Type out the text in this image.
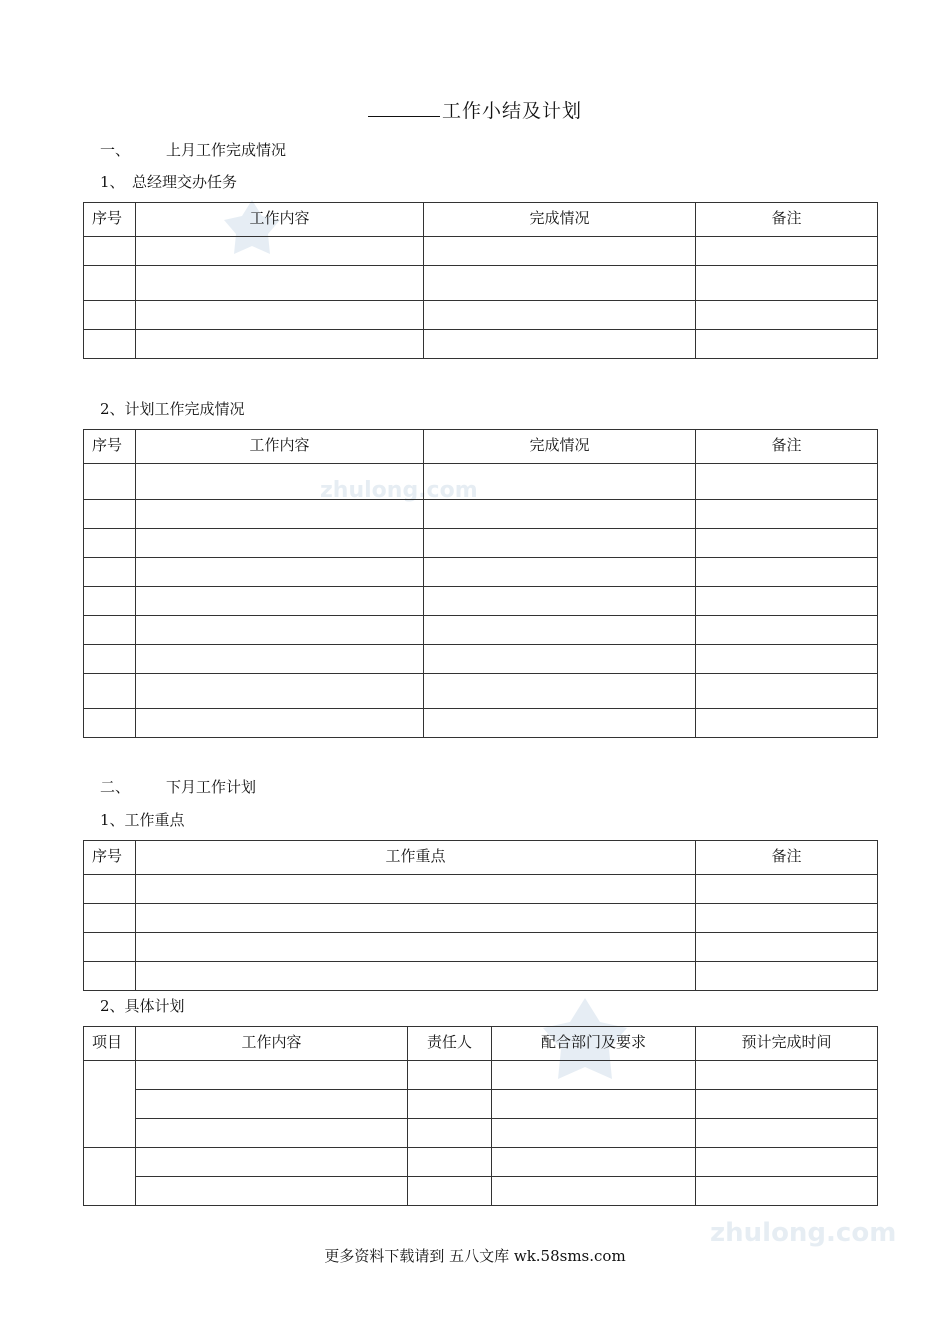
zhulong.com
zhulong.com
工作小结及计划
一、 上月工作完成情况
1、 总经理交办任务
序号	工作内容	完成情况	备注

2、计划工作完成情况
序号	工作内容	完成情况	备注

二、 下月工作计划
1、工作重点
序号	工作重点	备注

2、具体计划
项目	工作内容	责任人	配合部门及要求	预计完成时间

更多资料下载请到 五八文库 wk.58sms.com
